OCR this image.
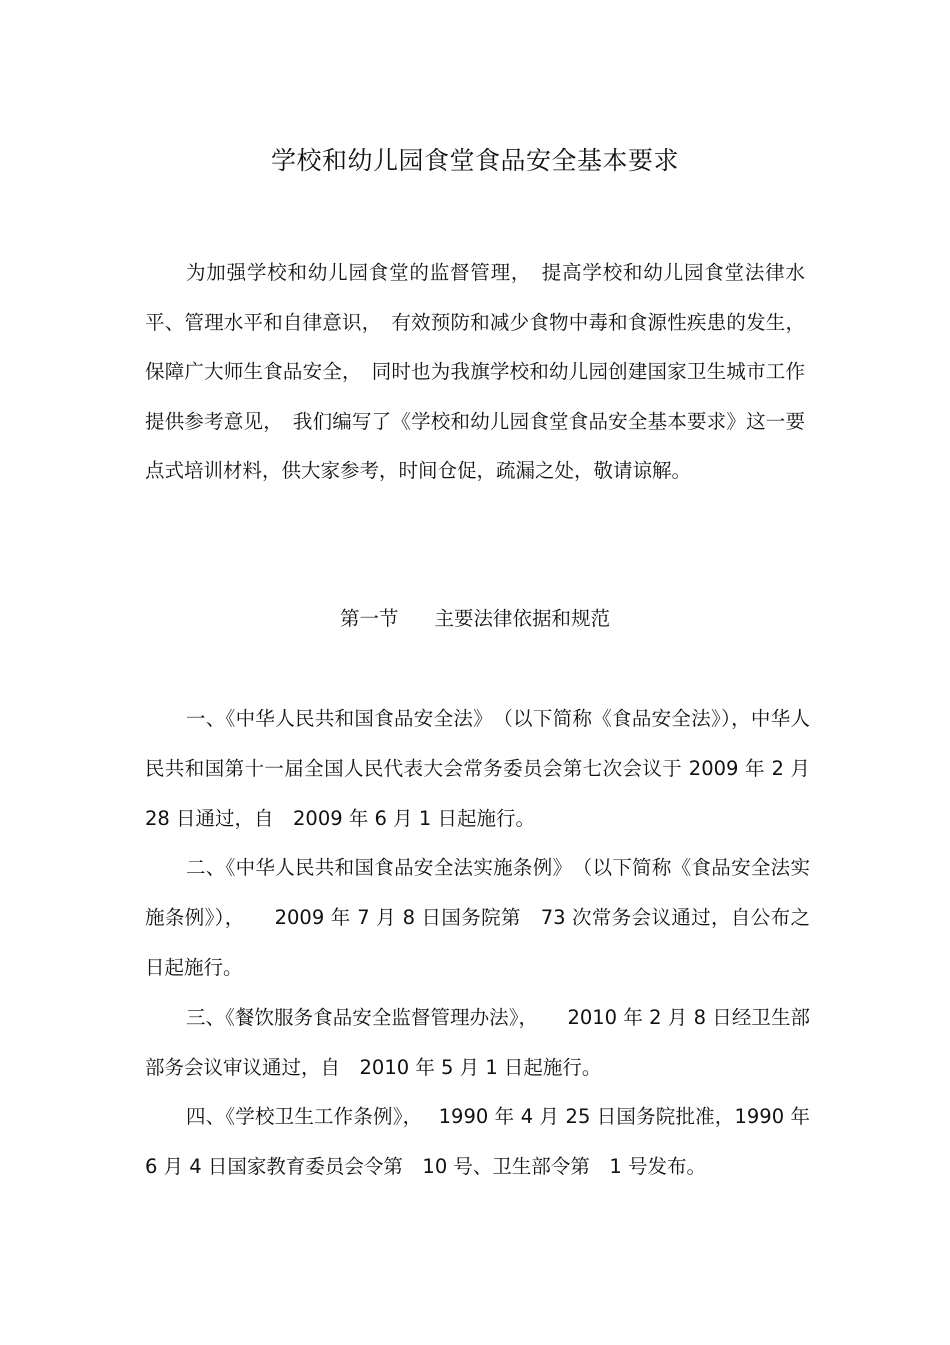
学校和幼儿园食堂食品安全基本要求

为加强学校和幼儿园食堂的监督管理，　提高学校和幼儿园食堂法律水平、管理水平和自律意识，　有效预防和减少食物中毒和食源性疾患的发生，保障广大师生食品安全，　同时也为我旗学校和幼儿园创建国家卫生城市工作提供参考意见，　我们编写了《学校和幼儿园食堂食品安全基本要求》这一要点式培训材料，供大家参考，时间仓促，疏漏之处，敬请谅解。

第一节 主要法律依据和规范

一、《中华人民共和国食品安全法》　（以下简称《食品安全法》），中华人民共和国第十一届全国人民代表大会常务委员会第七次会议于 2009 年 2 月 28 日通过，自　2009 年 6 月 1 日起施行。

二、《中华人民共和国食品安全法实施条例》　（以下简称《食品安全法实施条例》），　　2009 年 7 月 8 日国务院第　73 次常务会议通过，自公布之日起施行。

三、《餐饮服务食品安全监督管理办法》，　　2010 年 2 月 8 日经卫生部部务会议审议通过，自　2010 年 5 月 1 日起施行。

四、《学校卫生工作条例》，　 1990 年 4 月 25 日国务院批准，1990 年 6 月 4 日国家教育委员会令第　10 号、卫生部令第　1 号发布。
